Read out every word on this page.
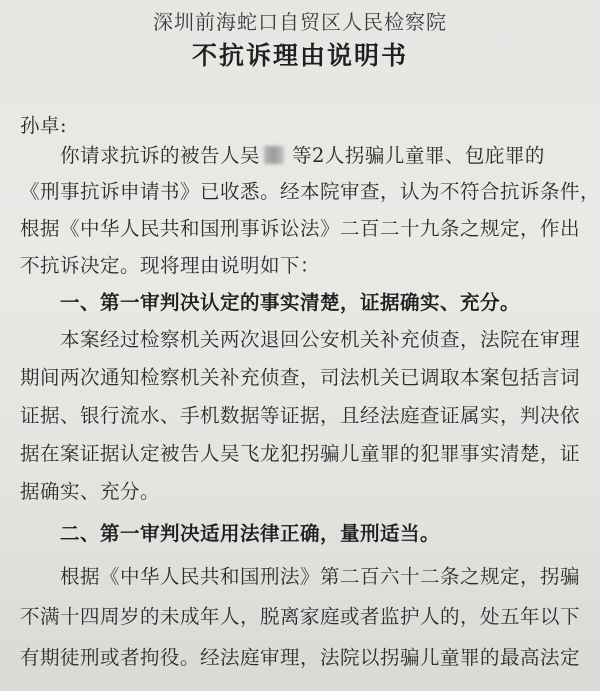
深圳前海蛇口自贸区人民检察院
不抗诉理由说明书
孙卓:
你请求抗诉的被告人吴 等2人拐骗儿童罪、包庇罪的
《刑事抗诉申请书》已收悉。经本院审查，认为不符合抗诉条件，
根据《中华人民共和国刑事诉讼法》二百二十九条之规定，作出
不抗诉决定。现将理由说明如下：
一、第一审判决认定的事实清楚，证据确实、充分。
本案经过检察机关两次退回公安机关补充侦查，法院在审理
期间两次通知检察机关补充侦查，司法机关已调取本案包括言词
证据、银行流水、手机数据等证据，且经法庭查证属实，判决依
据在案证据认定被告人吴飞龙犯拐骗儿童罪的犯罪事实清楚，证
据确实、充分。
二、第一审判决适用法律正确，量刑适当。
根据《中华人民共和国刑法》第二百六十二条之规定，拐骗
不满十四周岁的未成年人，脱离家庭或者监护人的，处五年以下
有期徒刑或者拘役。经法庭审理，法院以拐骗儿童罪的最高法定
